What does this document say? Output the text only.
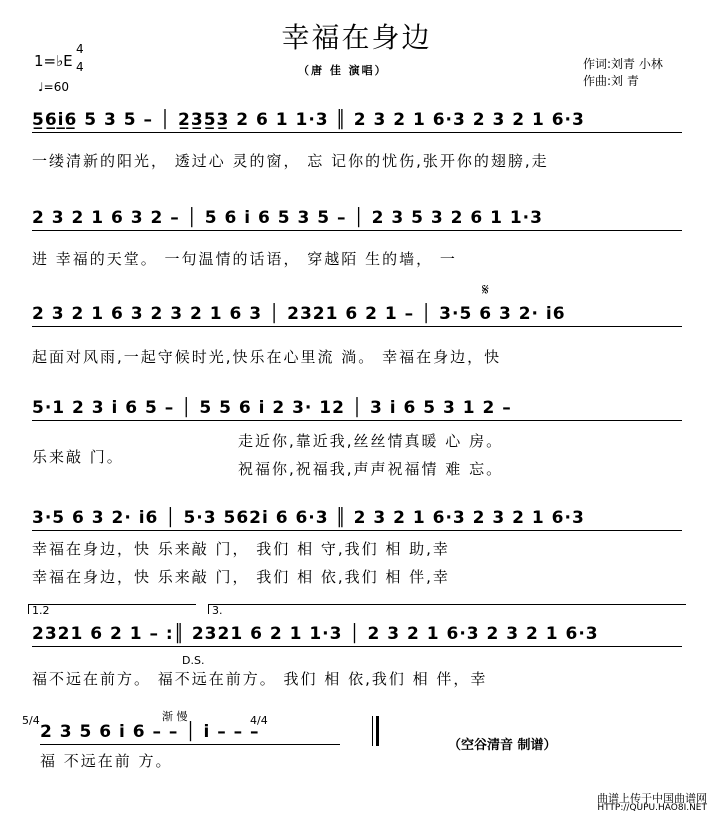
幸福在身边
（唐 佳 演唱）	作词:刘青 小林
作曲:刘 青
1=♭E
4
4
♩=60
5̲6̲i̲6̲ 5 3 5 – │ 2̲3̲5̲3̲ 2 6 1 1·3 ║ 2 3 2 1 6·3 2 3 2 1 6·3
一缕清新的阳光， 透过心 灵的窗， 忘 记你的忧伤,张开你的翅膀,走
2 3 2 1 6 3 2 – │ 5 6 i 6 5 3 5 – │ 2 3 5 3 2 6 1 1·3
进 幸福的天堂。 一句温情的话语， 穿越陌 生的墙， 一
𝄋
2 3 2 1 6 3 2 3 2 1 6 3 │ 2321 6 2 1 – │ 3·5 6 3 2· i6
起面对风雨,一起守候时光,快乐在心里流 淌。 幸福在身边，快
5·1 2 3 i 6 5 – │ 5 5 6 i 2 3· 12 │ 3 i 6 5 3 1 2 –
乐来敲 门。
走近你,靠近我,丝丝情真暖 心 房。
祝福你,祝福我,声声祝福情 难 忘。
3·5 6 3 2· i6 │ 5·3 562i 6 6·3 ║ 2 3 2 1 6·3 2 3 2 1 6·3
幸福在身边，快 乐来敲 门， 我们 相 守,我们 相 助,幸
幸福在身边，快 乐来敲 门， 我们 相 依,我们 相 伴,幸
1.2	3.
2321 6 2 1 – :║ 2321 6 2 1 1·3 │ 2 3 2 1 6·3 2 3 2 1 6·3
D.S.
福不远在前方。 福不远在前方。 我们 相 依,我们 相 伴，幸
5/4	渐 慢	4/4
2 3 5 6 i 6 – – │ i – – –
福 不远在前 方。
（空谷清音 制谱）
曲谱上传于中国曲谱网
HTTP://QUPU.HAO8I.NET
